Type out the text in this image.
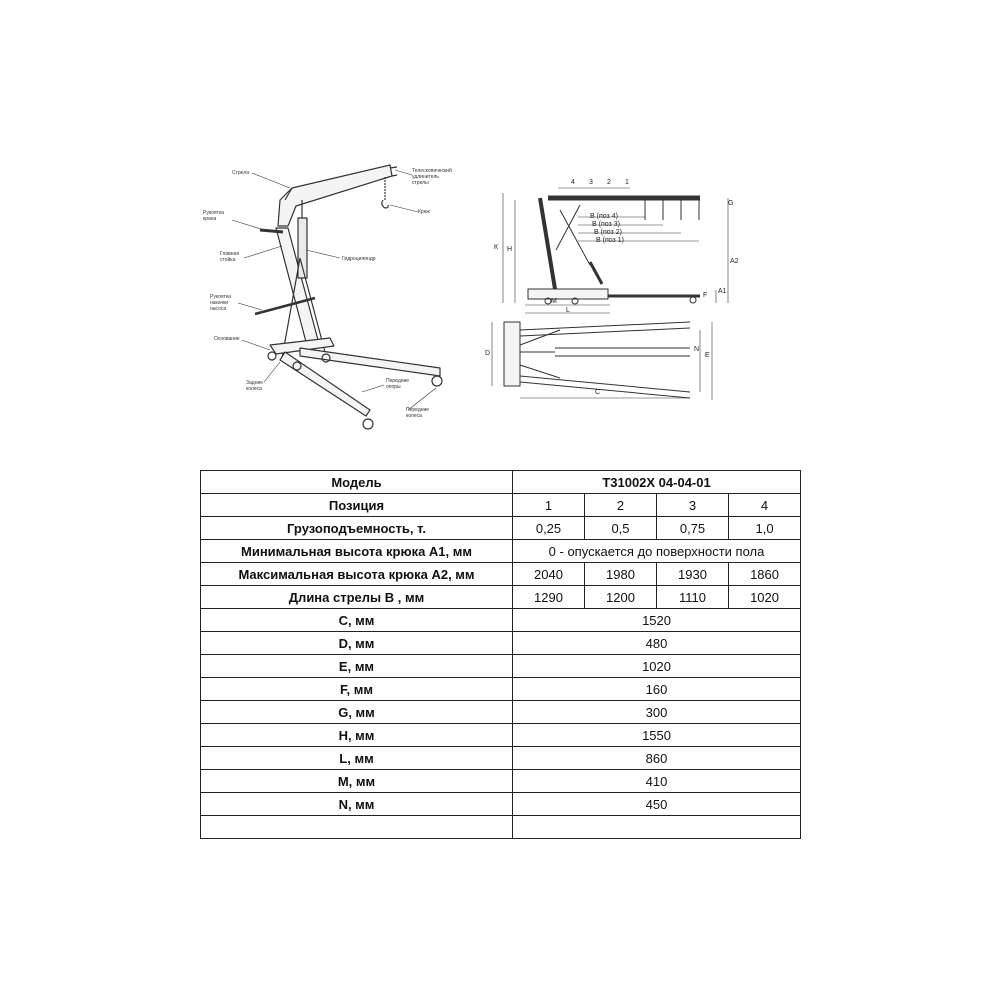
Стрела	Телескопический
удлинитель
стрелы
Рукоятка
крана
Крюк
Главная
стойка	Гидроцилиндр
Рукоятка
накачки
насоса
Основание
Задние
колеса
Передние
опоры
Передние
колеса
4 3 2 1
B (поз 4)
B (поз 3)
B (поз 2)
B (поз 1)
G
К H
A2
A1
F
M
L
D
N
E
C
Модель	T31002X 04-04-01			
Позиция	1	2	3	4
Грузоподъемность, т.	0,25	0,5	0,75	1,0
Минимальная высота крюка А1, мм	0 - опускается до поверхности пола			
Максимальная высота крюка А2, мм	2040	1980	1930	1860
Длина стрелы В , мм	1290	1200	1110	1020
C, мм	1520			
D, мм	480			
E, мм	1020			
F, мм	160			
G, мм	300			
H, мм	1550			
L, мм	860			
M, мм	410			
N, мм	450			
